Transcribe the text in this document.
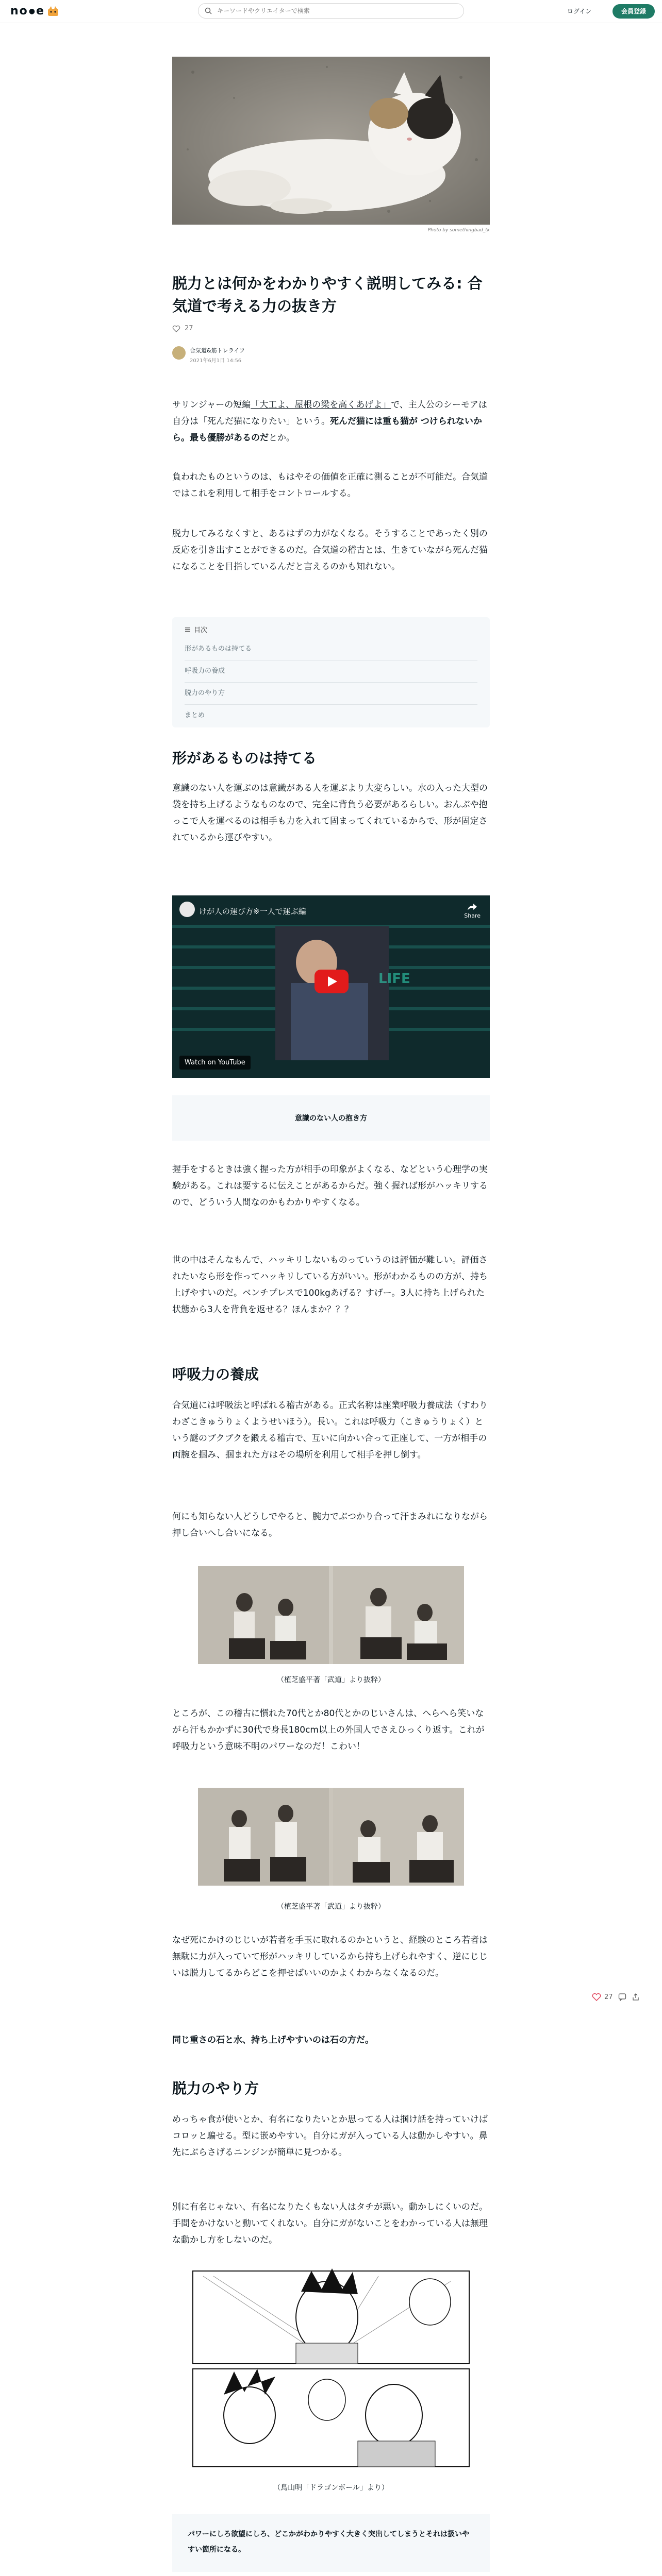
no ● e
キーワードやクリエイターで検索	ログイン	会員登録
Photo by somethingbad_tk
脱力とは何かをわかりやすく説明してみる: 合気道で考える力の抜き方
27
合気道&筋トレライフ
2021年6月1日 14:56

サリンジャーの短編「大工よ、屋根の梁を高くあげよ」で、主人公のシーモアは自分は「死んだ猫になりたい」という。死んだ猫には重も猫が つけられないから。最も優勝があるのだとか。

負われたものというのは、もはやその価値を正確に測ることが不可能だ。合気道ではこれを利用して相手をコントロールする。

脱力してみるなくすと、あるはずの力がなくなる。そうすることであったく別の反応を引き出すことができるのだ。合気道の稽古とは、生きていながら死んだ猫になることを目指しているんだと言えるのかも知れない。

目次
形があるものは持てる
呼吸力の養成
脱力のやり方
まとめ
形があるものは持てる

意識のない人を運ぶのは意識がある人を運ぶより大変らしい。水の入った大型の袋を持ち上げるようなものなので、完全に背負う必要があるらしい。おんぶや抱っこで人を運べるのは相手も力を入れて固まってくれているからで、形が固定されているから運びやすい。

LIFE
けが人の運び方※一人で運ぶ編	Share
Watch on YouTube
意識のない人の抱き方

握手をするときは強く握った方が相手の印象がよくなる、などという心理学の実験がある。これは要するに伝えことがあるからだ。強く握れば形がハッキリするので、どういう人間なのかもわかりやすくなる。

世の中はそんなもんで、ハッキリしないものっていうのは評価が難しい。評価されたいなら形を作ってハッキリしている方がいい。形がわかるものの方が、持ち上げやすいのだ。ベンチプレスで100kgあげる？すげー。3人に持ち上げられた状態から3人を背負を返せる？ほんまか？？？

呼吸力の養成

合気道には呼吸法と呼ばれる稽古がある。正式名称は座業呼吸力養成法（すわりわざこきゅうりょくようせいほう）。長い。これは呼吸力（こきゅうりょく）という謎のブクブクを鍛える稽古で、互いに向かい合って正座して、一方が相手の両腕を掴み、掴まれた方はその場所を利用して相手を押し倒す。

何にも知らない人どうしでやると、腕力でぶつかり合って汗まみれになりながら押し合いへし合いになる。

（植芝盛平著「武道」より抜粋）

ところが、この稽古に慣れた70代とか80代とかのじいさんは、へらへら笑いながら汗もかかずに30代で身長180cm以上の外国人でさえひっくり返す。これが呼吸力という意味不明のパワーなのだ！こわい！

（植芝盛平著「武道」より抜粋）

なぜ死にかけのじじいが若者を手玉に取れるのかというと、経験のところ若者は無駄に力が入っていて形がハッキリしているから持ち上げられやすく、逆にじじいは脱力してるからどこを押せばいいのかよくわからなくなるのだ。

同じ重さの石と水、持ち上げやすいのは石の方だ。

脱力のやり方

めっちゃ食が使いとか、有名になりたいとか思ってる人は掴け話を持っていけばコロッと騙せる。型に嵌めやすい。自分にガが入っている人は動かしやすい。鼻先にぶらさげるニンジンが簡単に見つかる。

別に有名じゃない、有名になりたくもない人はタチが悪い。動かしにくいのだ。手間をかけないと動いてくれない。自分にガがないことをわかっている人は無理な動かし方をしないのだ。

（鳥山明「ドラゴンボール」より）
パワーにしろ欲望にしろ、どこかがわかりやすく大きく突出してしまうとそれは扱いやすい箇所になる。

27
